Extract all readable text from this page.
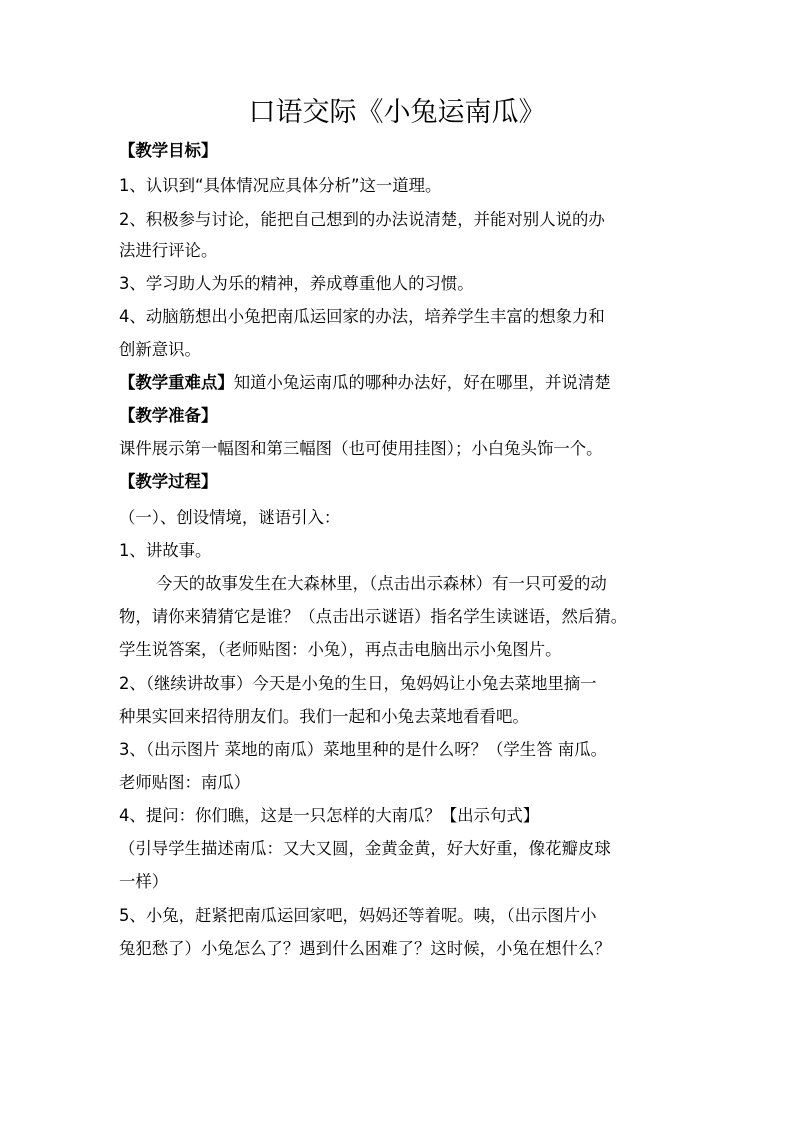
口语交际《小兔运南瓜》
【教学目标】
1、认识到“具体情况应具体分析”这一道理。
2、积极参与讨论，能把自己想到的办法说清楚，并能对别人说的办
法进行评论。
3、学习助人为乐的精神，养成尊重他人的习惯。
4、动脑筋想出小兔把南瓜运回家的办法，培养学生丰富的想象力和
创新意识。
【教学重难点】知道小兔运南瓜的哪种办法好，好在哪里，并说清楚
【教学准备】
课件展示第一幅图和第三幅图（也可使用挂图）；小白兔头饰一个。
【教学过程】
（一）、创设情境，谜语引入：
1、讲故事。
今天的故事发生在大森林里，（点击出示森林）有一只可爱的动
物，请你来猜猜它是谁？（点击出示谜语）指名学生读谜语，然后猜。
学生说答案，（老师贴图：小兔），再点击电脑出示小兔图片。
2、（继续讲故事）今天是小兔的生日，兔妈妈让小兔去菜地里摘一
种果实回来招待朋友们。我们一起和小兔去菜地看看吧。
3、（出示图片 菜地的南瓜）菜地里种的是什么呀？（学生答 南瓜。
老师贴图：南瓜）
4、提问：你们瞧，这是一只怎样的大南瓜？【出示句式】
（引导学生描述南瓜：又大又圆，金黄金黄，好大好重，像花瓣皮球
一样）
5、小兔，赶紧把南瓜运回家吧，妈妈还等着呢。咦，（出示图片小
兔犯愁了）小兔怎么了？遇到什么困难了？这时候，小兔在想什么？
